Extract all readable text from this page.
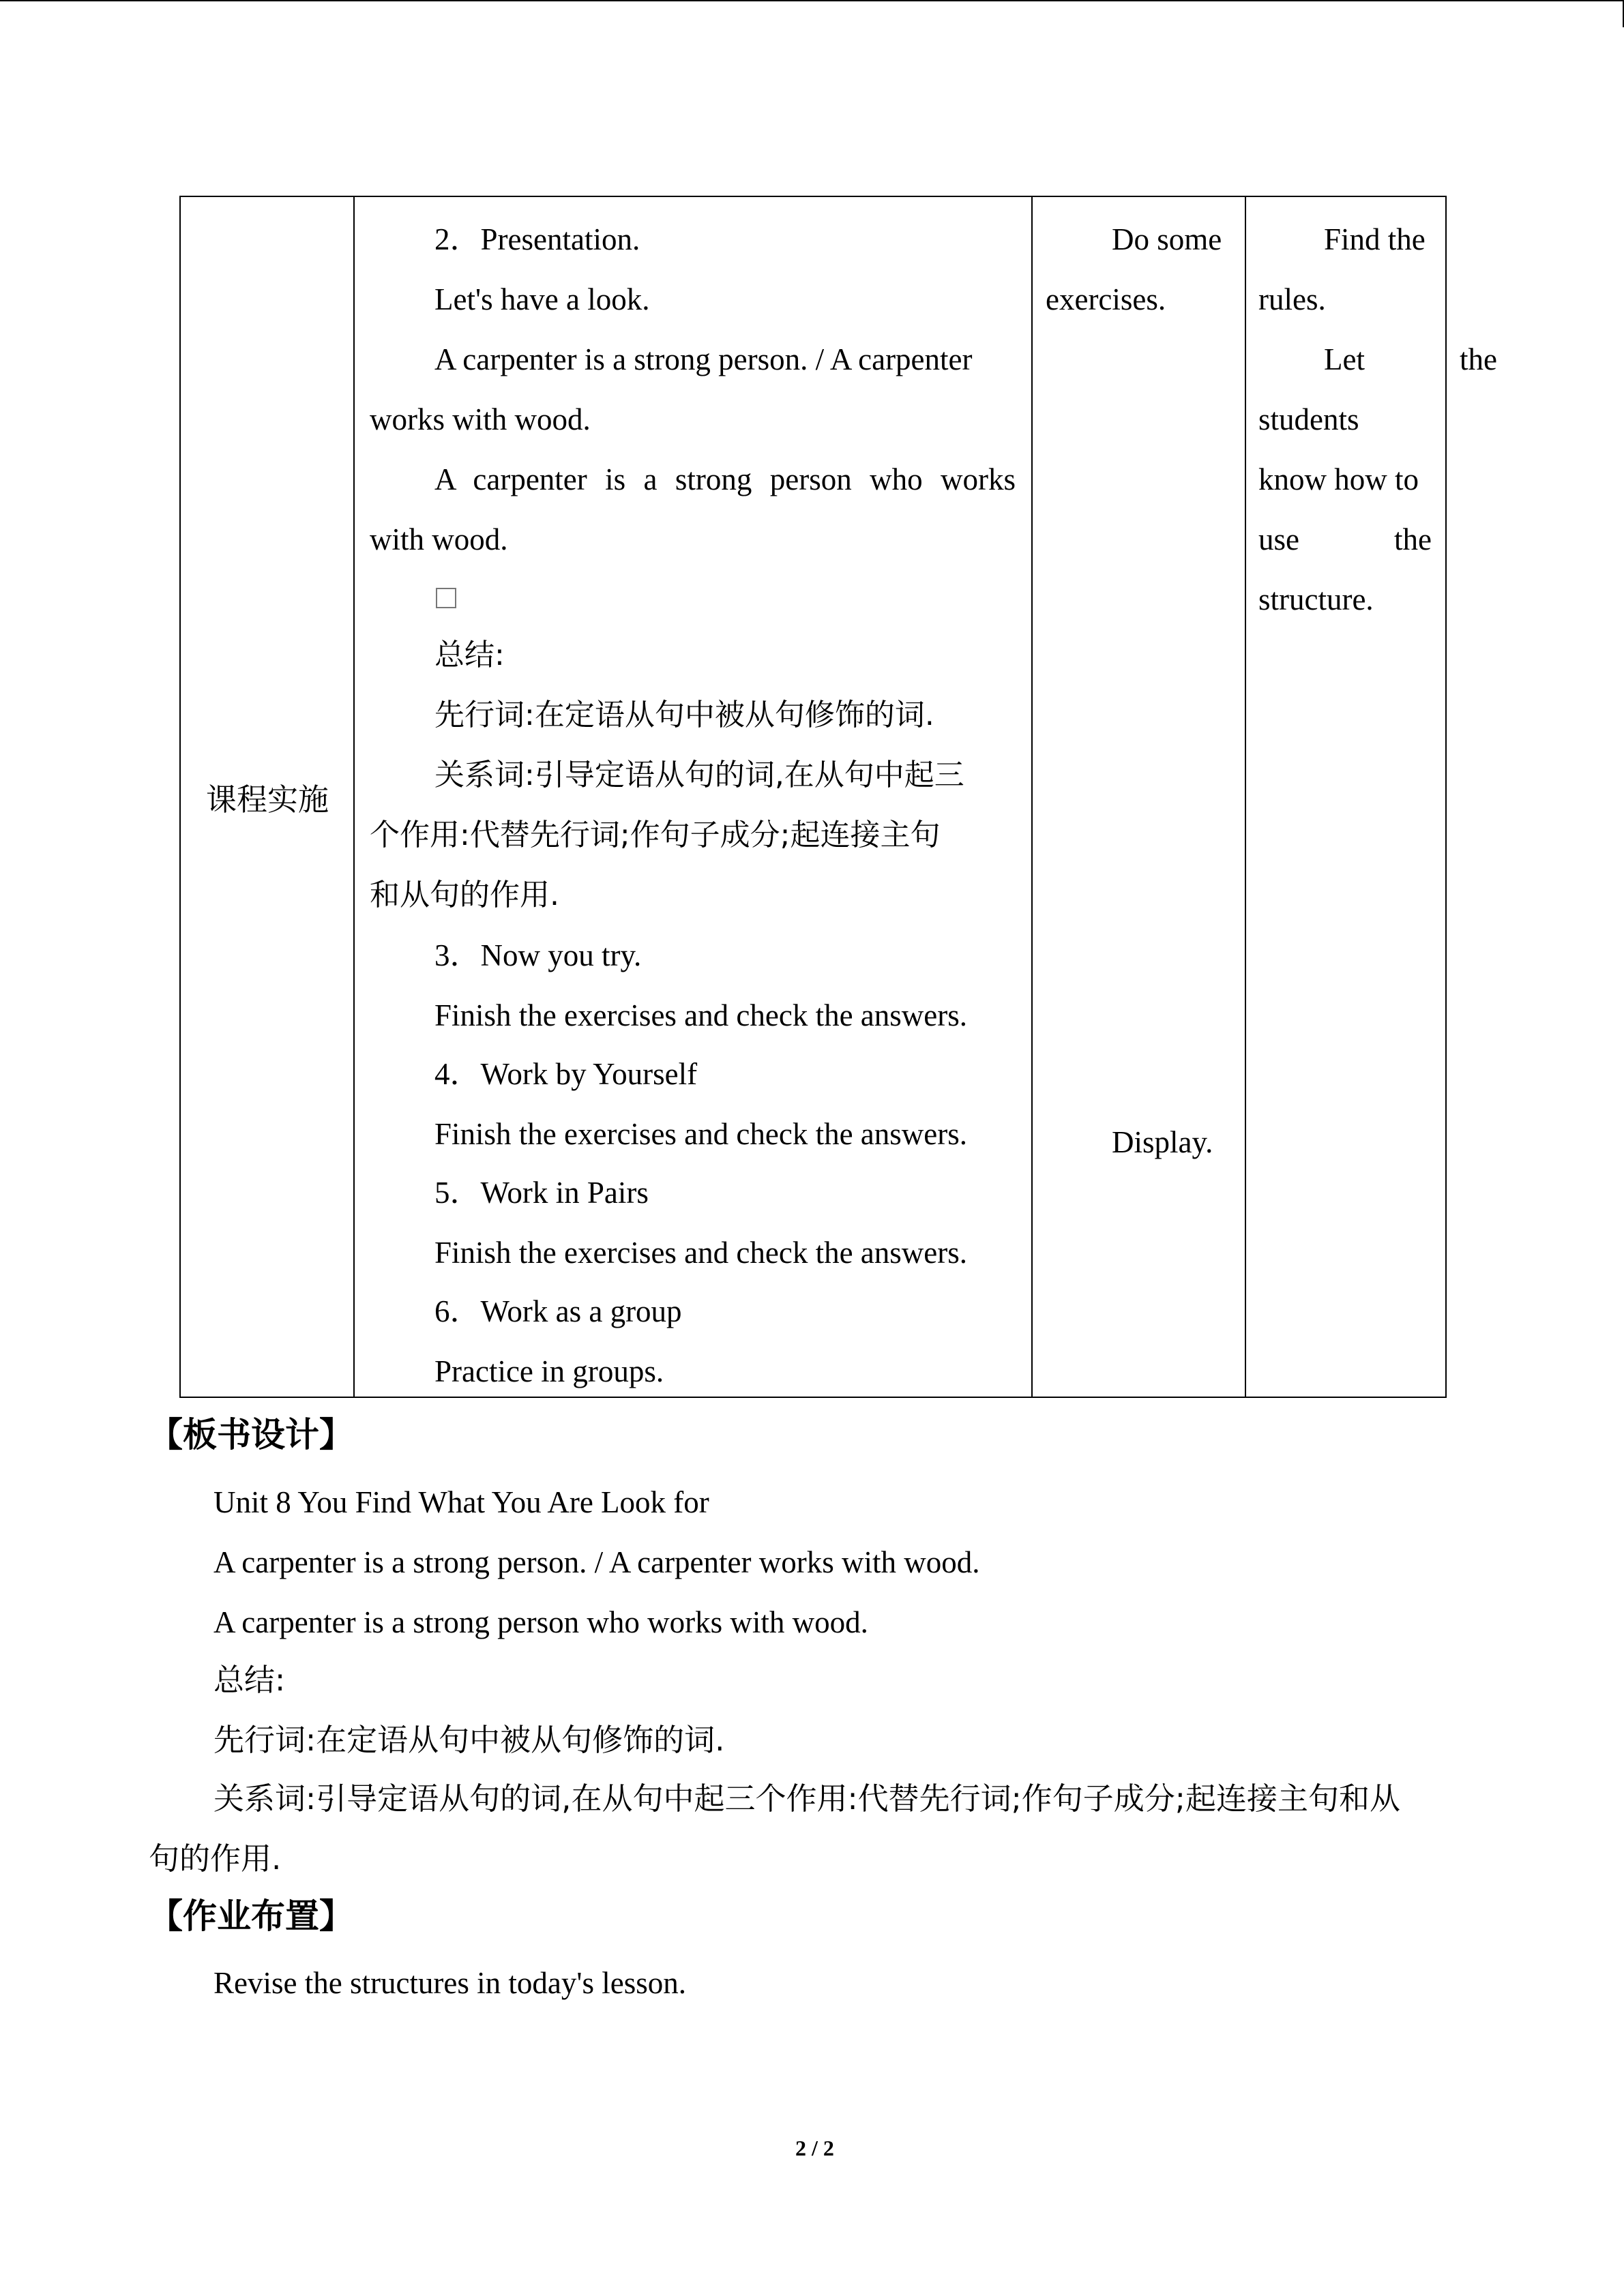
课程实施
2．Presentation.
Let's have a look.
A carpenter is a strong person. / A carpenter
works with wood.
A carpenter is a strong person who works
with wood.
总结:
先行词:在定语从句中被从句修饰的词.
关系词:引导定语从句的词,在从句中起三
个作用:代替先行词;作句子成分;起连接主句
和从句的作用.
3．Now you try.
Finish the exercises and check the answers.
4．Work by Yourself
Finish the exercises and check the answers.
5．Work in Pairs
Finish the exercises and check the answers.
6．Work as a group
Practice in groups.
Do some
exercises.
Display.
Find the
rules.
Let the
students
know how to
use the
structure.
【板书设计】
Unit 8 You Find What You Are Look for
A carpenter is a strong person. / A carpenter works with wood.
A carpenter is a strong person who works with wood.
总结:
先行词:在定语从句中被从句修饰的词.
关系词:引导定语从句的词,在从句中起三个作用:代替先行词;作句子成分;起连接主句和从
句的作用.
【作业布置】
Revise the structures in today's lesson.
2 / 2
